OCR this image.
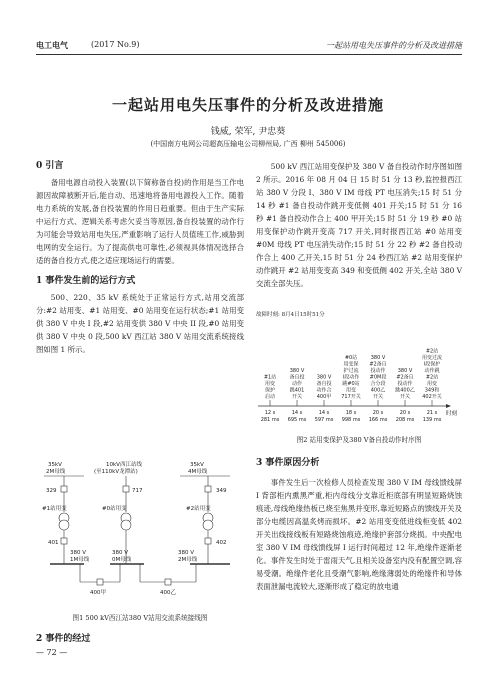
电工电气	(2017 No.9)	一起站用电失压事件的分析及改进措施
一起站用电失压事件的分析及改进措施
钱威, 荣军, 尹忠葵
(中国南方电网公司超高压输电公司柳州局, 广西 柳州 545006)

0 引言

备用电源自动投入装置(以下简称备自投)的作用是当工作电源因故障被断开后,能自动、迅速地将备用电源投入工作。随着电力系统的发展,备自投装置的作用日趋重要。但由于生产实际中运行方式、逻辑关系考虑欠妥当等原因,备自投装置的动作行为可能会导致站用电失压,严重影响了运行人员值班工作,威胁到电网的安全运行。为了提高供电可靠性,必须视具体情况选择合适的备自投方式,使之适应现场运行的需要。

1 事件发生前的运行方式

500、220、35 kV 系统处于正常运行方式,站用交流部分:#2 站用变、#1 站用变、#0 站用变在运行状态;#1 站用变供 380 V 中央 I 段,#2 站用变供 380 V 中央 II 段,#0 站用变供 380 V 中央 0 段,500 kV 西江站 380 V 站用交流系统接线图如图 1 所示。

35kV 2M母线
10kV西江站线(至110kV龙潭站)
35kV 4M母线
329	717	349
#1站用变	#0站用变	#2站用变
401	402
380 V 1M母线
380 V 0M母线
380 V 2M母线
400甲	400乙

图1 500 kV西江站380 V站用交流系统接线图

2 事件的经过

500 kV 西江站用变保护及 380 V 备自投动作时序图如图 2 所示。2016 年 08 月 04 日 15 时 51 分 13 秒,监控报西江站 380 V 分段 I、380 V IM 母线 PT 电压消失;15 时 51 分 14 秒 #1 备自投动作跳开变低侧 401 开关;15 时 51 分 16 秒 #1 备自投动作合上 400 甲开关;15 时 51 分 19 秒 #0 站用变保护动作跳开变高 717 开关,同时报西江站 #0 站用变 #0M 母线 PT 电压消失动作;15 时 51 分 22 秒 #2 备自投动作合上 400 乙开关,15 时 51 分 24 秒西江站 #2 站用变保护动作跳开 #2 站用变变高 349 和变低侧 402 开关,全站 380 V 交流全部失压。

故障时刻: 8月4日15时51分
时刻
#1站用变保护启动
12 s
281 ms
380 V 备自投动作跳401 开关
14 s
695 ms
380 V 备自投动作合 400甲
14 s
597 ms
#0站用变保护过流 I段动作跳#0站用变 717开关
18 s
998 ms
380 V #2备自投动作#0M段合分段 400乙开关
20 s
166 ms
380 V #2备自投动作跳400乙开关
20 s
208 ms
#2站用变过流 I段保护动作跳#2站用变 349和 402开关
21 s
139 ms

图2 站用变保护及380 V备自投动作时序图

3 事件原因分析

事件发生后一次检修人员检查发现 380 V IM 母线馈线屏 I 背部柜内熏黑严重,柜内母线分支靠近柜底部有明显短路烧蚀痕迹,母线绝缘热板已烧至焦黑并变形,靠近短路点的馈线开关及部分电缆因高温炙烤而损坏。#2 站用变变低进线柜变低 402 开关出线接线板有短路烧蚀痕迹,绝缘护套部分烧损。中央配电室 380 V IM 母线馈线屏 I 运行时间超过 12 年,绝缘件逐渐老化。事件发生时处于雷雨天气,且相关设备室内没有配置空调,容易受潮。绝缘件老化且受潮气影响,绝缘薄弱处的绝缘件和导体表面泄漏电流较大,逐渐形成了稳定的放电通

— 72 —
